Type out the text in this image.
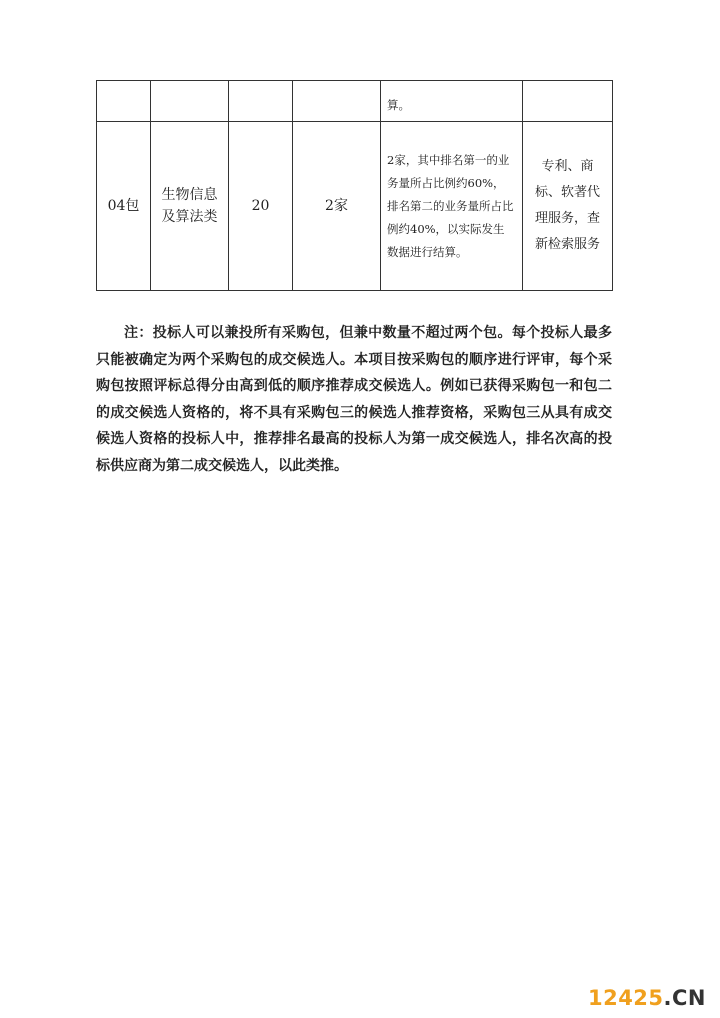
				算。	
04包	生物信息及算法类	20	2家	2家，其中排名第一的业务量所占比例约60%，排名第二的业务量所占比例约40%，以实际发生数据进行结算。	专利、商标、软著代理服务，查新检索服务

注：投标人可以兼投所有采购包，但兼中数量不超过两个包。每个投标人最多只能被确定为两个采购包的成交候选人。本项目按采购包的顺序进行评审，每个采购包按照评标总得分由高到低的顺序推荐成交候选人。例如已获得采购包一和包二的成交候选人资格的，将不具有采购包三的候选人推荐资格，采购包三从具有成交候选人资格的投标人中，推荐排名最高的投标人为第一成交候选人，排名次高的投标供应商为第二成交候选人，以此类推。

12425.CN
